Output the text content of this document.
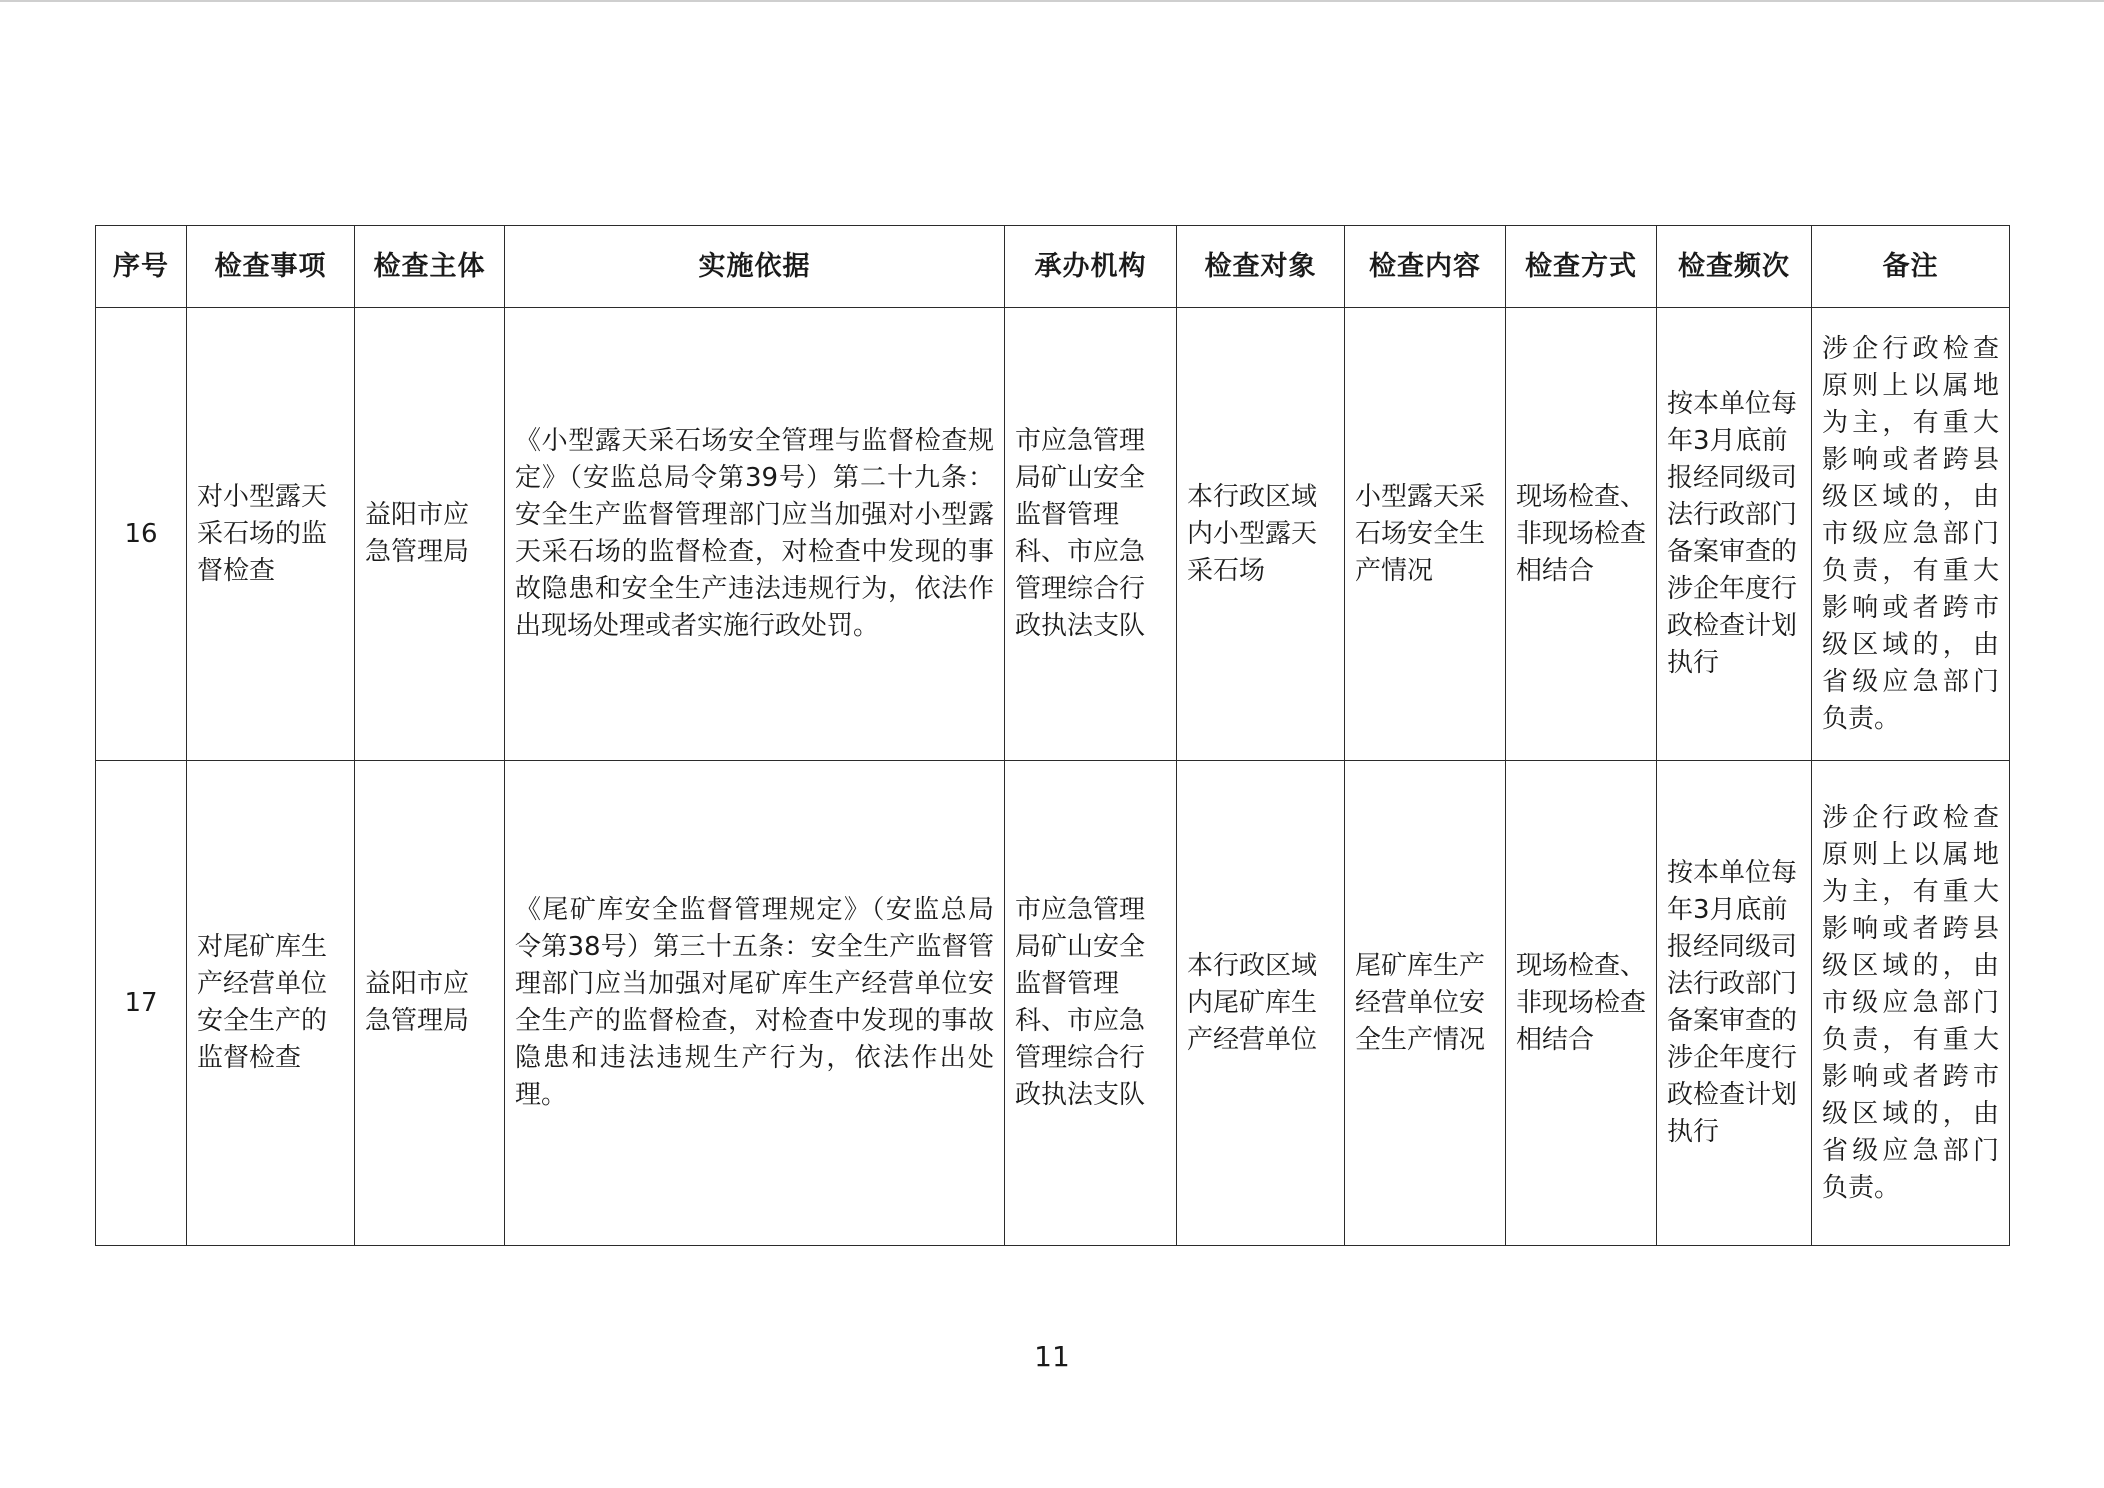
序号	检查事项	检查主体	实施依据	承办机构	检查对象	检查内容	检查方式	检查频次	备注
16	对小型露天采石场的监督检查	益阳市应急管理局	《小型露天采石场安全管理与监督检查规定》（安监总局令第39号）第二十九条：安全生产监督管理部门应当加强对小型露天采石场的监督检查，对检查中发现的事故隐患和安全生产违法违规行为，依法作出现场处理或者实施行政处罚。	市应急管理局矿山安全监督管理科、市应急管理综合行政执法支队	本行政区域内小型露天采石场	小型露天采石场安全生产情况	现场检查、非现场检查相结合	按本单位每年3月底前报经同级司法行政部门备案审查的涉企年度行政检查计划执行	涉企行政检查原则上以属地为主，有重大影响或者跨县级区域的，由市级应急部门负责，有重大影响或者跨市级区域的，由省级应急部门负责。
17	对尾矿库生产经营单位安全生产的监督检查	益阳市应急管理局	《尾矿库安全监督管理规定》（安监总局令第38号）第三十五条：安全生产监督管理部门应当加强对尾矿库生产经营单位安全生产的监督检查，对检查中发现的事故隐患和违法违规生产行为，依法作出处理。	市应急管理局矿山安全监督管理科、市应急管理综合行政执法支队	本行政区域内尾矿库生产经营单位	尾矿库生产经营单位安全生产情况	现场检查、非现场检查相结合	按本单位每年3月底前报经同级司法行政部门备案审查的涉企年度行政检查计划执行	涉企行政检查原则上以属地为主，有重大影响或者跨县级区域的，由市级应急部门负责，有重大影响或者跨市级区域的，由省级应急部门负责。
11
